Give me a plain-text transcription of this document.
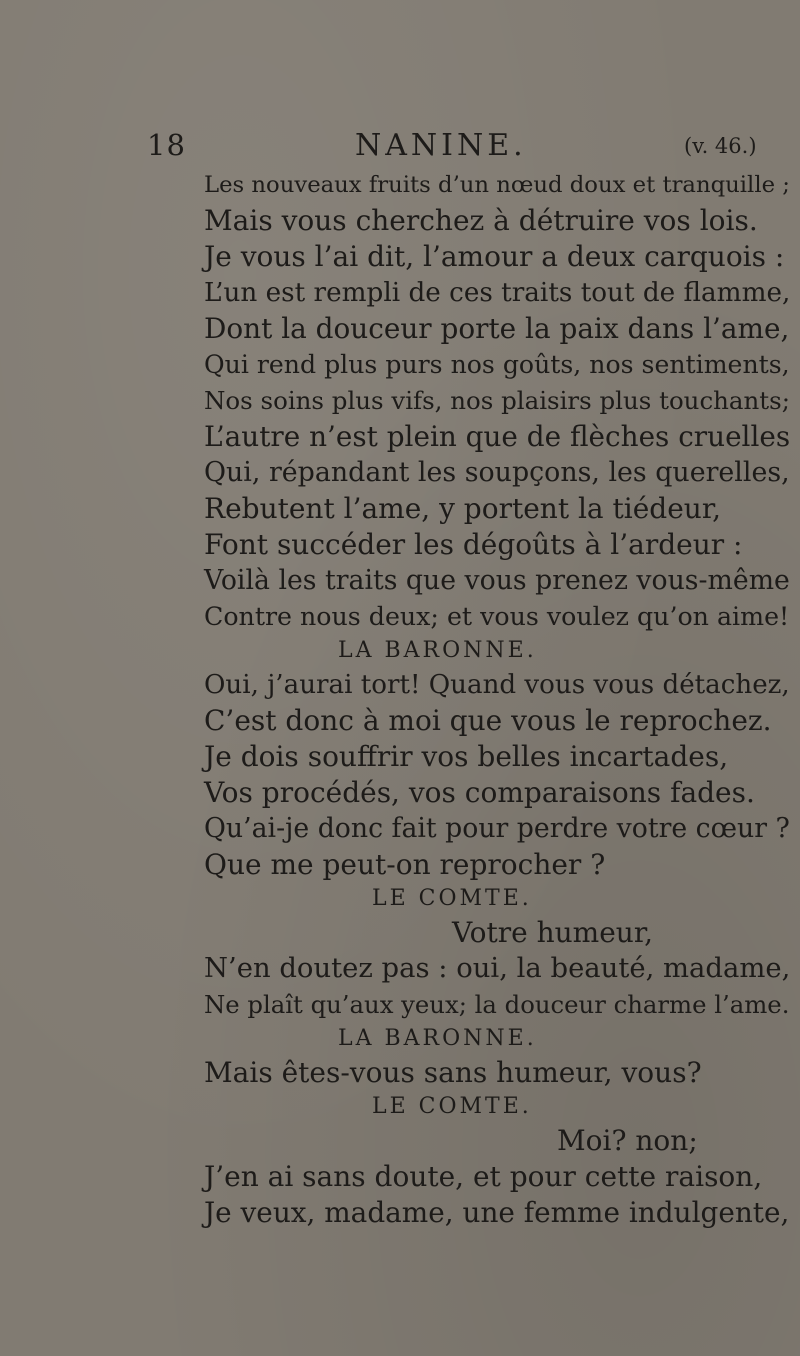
18	NANINE.	(v. 46.)
Les nouveaux fruits d’un nœud doux et tranquille ;
Mais vous cherchez à détruire vos lois.
Je vous l’ai dit, l’amour a deux carquois :
L’un est rempli de ces traits tout de flamme,
Dont la douceur porte la paix dans l’ame,
Qui rend plus purs nos goûts, nos sentiments,
Nos soins plus vifs, nos plaisirs plus touchants;
L’autre n’est plein que de flèches cruelles
Qui, répandant les soupçons, les querelles,
Rebutent l’ame, y portent la tiédeur,
Font succéder les dégoûts à l’ardeur :
Voilà les traits que vous prenez vous-même
Contre nous deux; et vous voulez qu’on aime!
LA BARONNE.
Oui, j’aurai tort! Quand vous vous détachez,
C’est donc à moi que vous le reprochez.
Je dois souffrir vos belles incartades,
Vos procédés, vos comparaisons fades.
Qu’ai-je donc fait pour perdre votre cœur ?
Que me peut-on reprocher ?
LE COMTE.
Votre humeur,
N’en doutez pas : oui, la beauté, madame,
Ne plaît qu’aux yeux; la douceur charme l’ame.
LA BARONNE.
Mais êtes-vous sans humeur, vous?
LE COMTE.
Moi? non;
J’en ai sans doute, et pour cette raison,
Je veux, madame, une femme indulgente,
